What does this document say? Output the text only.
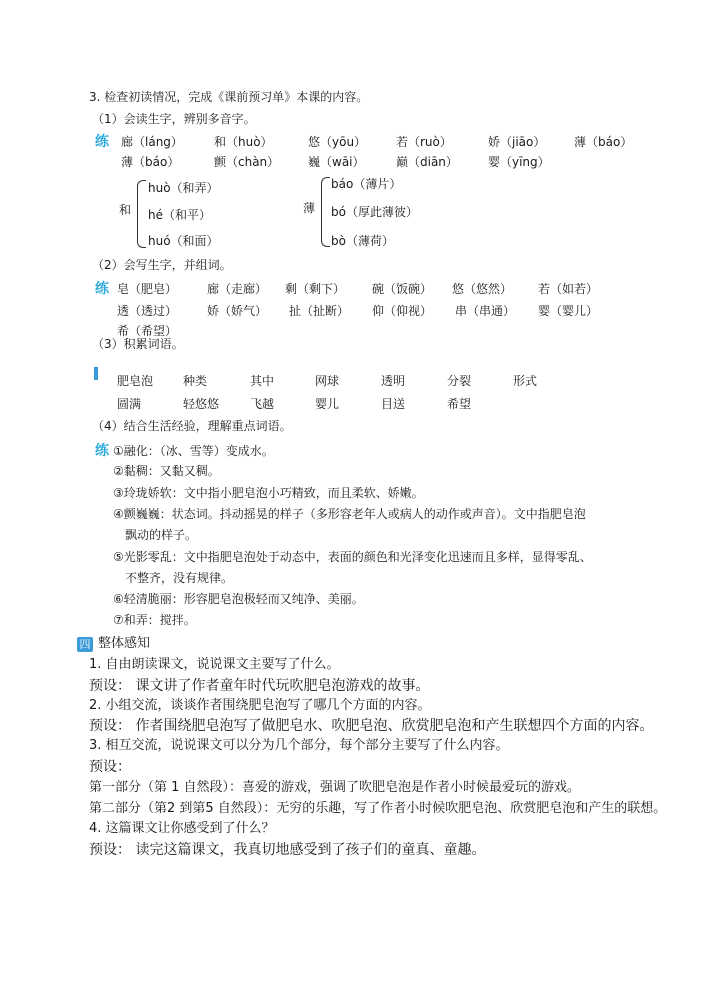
3. 检查初读情况，完成《课前预习单》本课的内容。
（1）会读生字，辨别多音字。
练	廊（láng）	和（huò）	悠（yōu） 若（ruò）	娇（jiāo） 薄（báo）
薄（báo）	颤（chàn） 巍（wāi）	巅（diān）	婴（yīng）
和
huò（和弄）
hé（和平）
huó（和面）
薄
báo（薄片）
bó（厚此薄彼）
bò（薄荷）
（2）会写生字，并组词。
练 皂（肥皂） 廊（走廊） 剩（剩下） 碗（饭碗） 悠（悠然） 若（如若）
透（透过） 娇（娇气） 扯（扯断） 仰（仰视） 串（串通） 婴（婴儿）
希（希望）
（3）积累词语。
肥皂泡 种类	其中	网球	透明	分裂	形式
圆满	轻悠悠	飞越	婴儿	目送	希望
（4）结合生活经验，理解重点词语。
练 ①融化：（冰、雪等）变成水。
②黏稠：又黏又稠。
③玲珑娇软：文中指小肥皂泡小巧精致，而且柔软、娇嫩。
④颤巍巍：状态词。抖动摇晃的样子（多形容老年人或病人的动作或声音）。文中指肥皂泡
飘动的样子。
⑤光影零乱：文中指肥皂泡处于动态中，表面的颜色和光泽变化迅速而且多样，显得零乱、
不整齐，没有规律。
⑥轻清脆丽：形容肥皂泡极轻而又纯净、美丽。
⑦和弄：搅拌。
四 整体感知
1. 自由朗读课文，说说课文主要写了什么。
预设： 课文讲了作者童年时代玩吹肥皂泡游戏的故事。
2. 小组交流，谈谈作者围绕肥皂泡写了哪几个方面的内容。
预设： 作者围绕肥皂泡写了做肥皂水、吹肥皂泡、欣赏肥皂泡和产生联想四个方面的内容。
3. 相互交流，说说课文可以分为几个部分，每个部分主要写了什么内容。
预设：
第一部分（第 1 自然段）：喜爱的游戏，强调了吹肥皂泡是作者小时候最爱玩的游戏。
第二部分（第2 到第5 自然段）：无穷的乐趣，写了作者小时候吹肥皂泡、欣赏肥皂泡和产生的联想。
4. 这篇课文让你感受到了什么？
预设： 读完这篇课文，我真切地感受到了孩子们的童真、童趣。
